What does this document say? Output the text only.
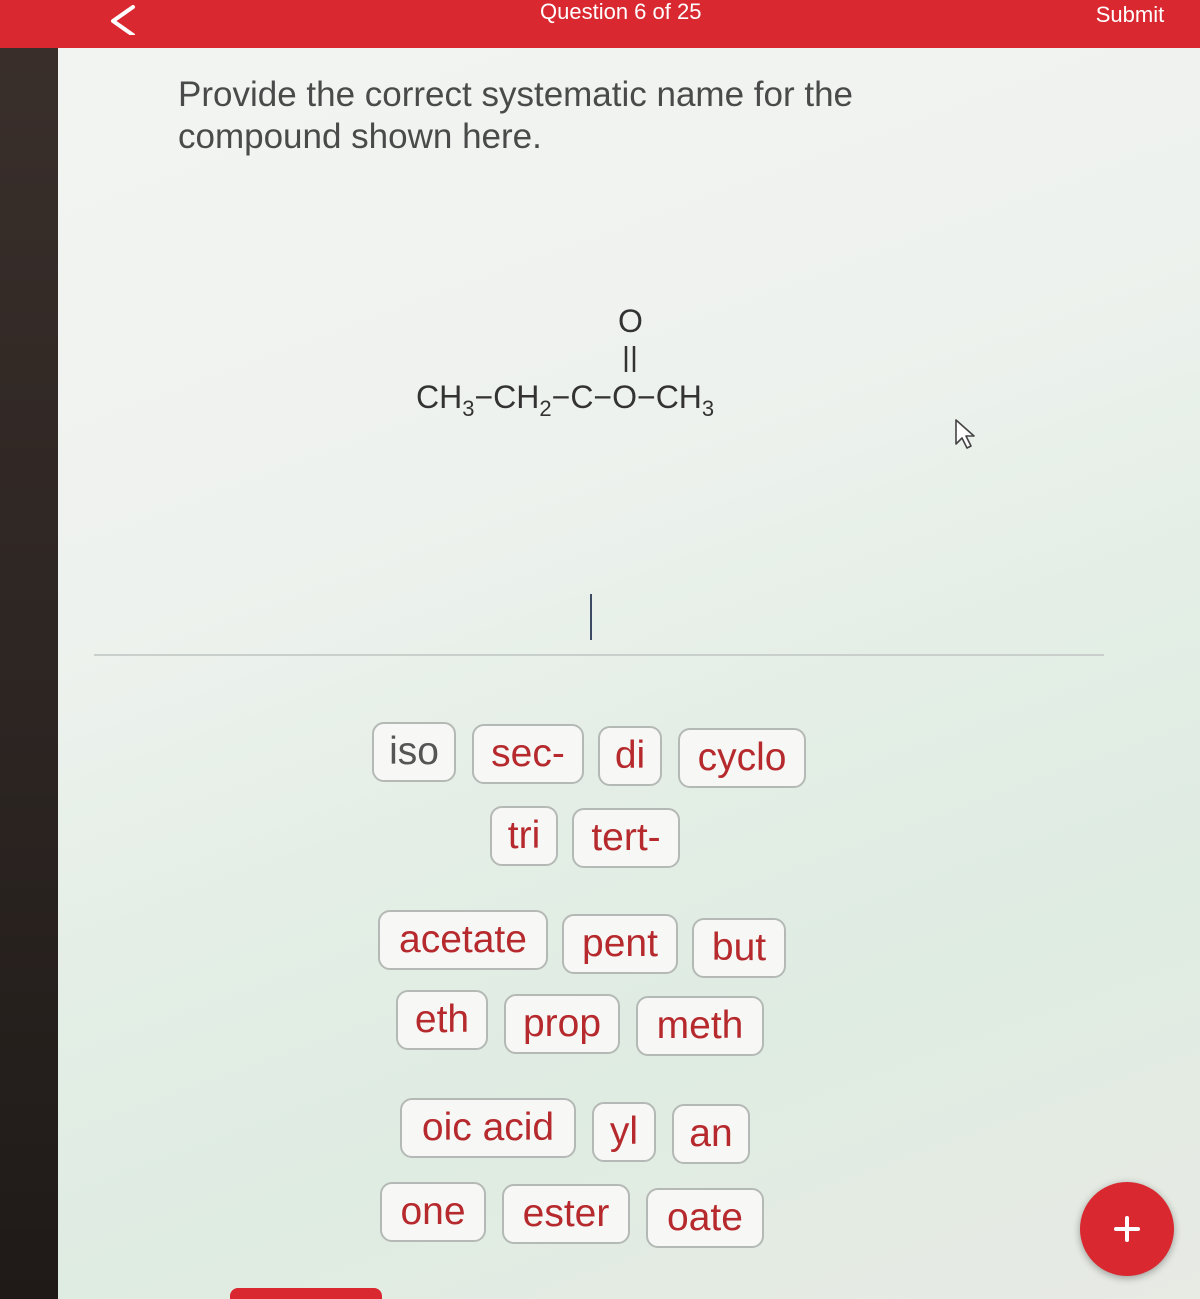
Question 6 of 25	Submit
Provide the correct systematic name for the compound shown here.
O
$CH_3-CH_2-C-O-CH_3$
iso	sec-	di	cyclo
tri	tert-
acetate	pent	but
eth	prop	meth
oic acid	yl	an
one	ester	oate
